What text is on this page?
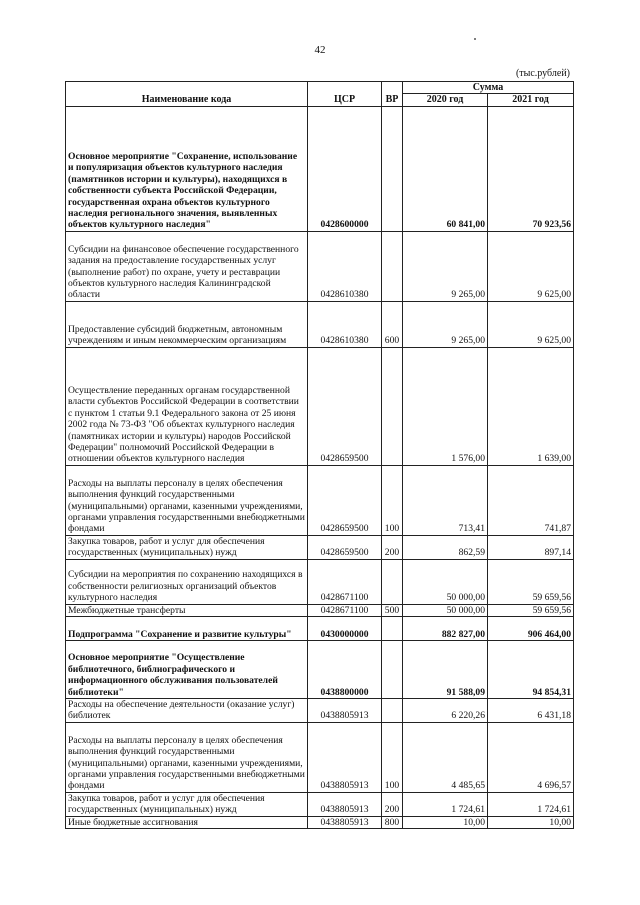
42
(тыс.рублей)
Наименование кода	ЦСР	ВР	Сумма	
			2020 год	2021 год
Основное мероприятие "Сохранение, использование и популяризация объектов культурного наследия (памятников истории и культуры), находящихся в собственности субъекта Российской Федерации, государственная охрана объектов культурного наследия регионального значения, выявленных объектов культурного наследия"	0428600000		60 841,00	70 923,56
Субсидии на финансовое обеспечение государственного задания на предоставление государственных услуг (выполнение работ) по охране, учету и реставрации объектов культурного наследия Калининградской области	0428610380		9 265,00	9 625,00
Предоставление субсидий бюджетным, автономным учреждениям и иным некоммерческим организациям	0428610380	600	9 265,00	9 625,00
Осуществление переданных органам государственной власти субъектов Российской Федерации в соответствии с пунктом 1 статьи 9.1 Федерального закона от 25 июня 2002 года № 73-ФЗ "Об объектах культурного наследия (памятниках истории и культуры) народов Российской Федерации" полномочий Российской Федерации в отношении объектов культурного наследия	0428659500		1 576,00	1 639,00
Расходы на выплаты персоналу в целях обеспечения выполнения функций государственными (муниципальными) органами, казенными учреждениями, органами управления государственными внебюджетными фондами	0428659500	100	713,41	741,87
Закупка товаров, работ и услуг для обеспечения государственных (муниципальных) нужд	0428659500	200	862,59	897,14
Субсидии на мероприятия по сохранению находящихся в собственности религиозных организаций объектов культурного наследия	0428671100		50 000,00	59 659,56
Межбюджетные трансферты	0428671100	500	50 000,00	59 659,56
Подпрограмма "Сохранение и развитие культуры"	0430000000		882 827,00	906 464,00
Основное мероприятие "Осуществление библиотечного, библиографического и информационного обслуживания пользователей библиотеки"	0438800000		91 588,09	94 854,31
Расходы на обеспечение деятельности (оказание услуг) библиотек	0438805913		6 220,26	6 431,18
Расходы на выплаты персоналу в целях обеспечения выполнения функций государственными (муниципальными) органами, казенными учреждениями, органами управления государственными внебюджетными фондами	0438805913	100	4 485,65	4 696,57
Закупка товаров, работ и услуг для обеспечения государственных (муниципальных) нужд	0438805913	200	1 724,61	1 724,61
Иные бюджетные ассигнования	0438805913	800	10,00	10,00
